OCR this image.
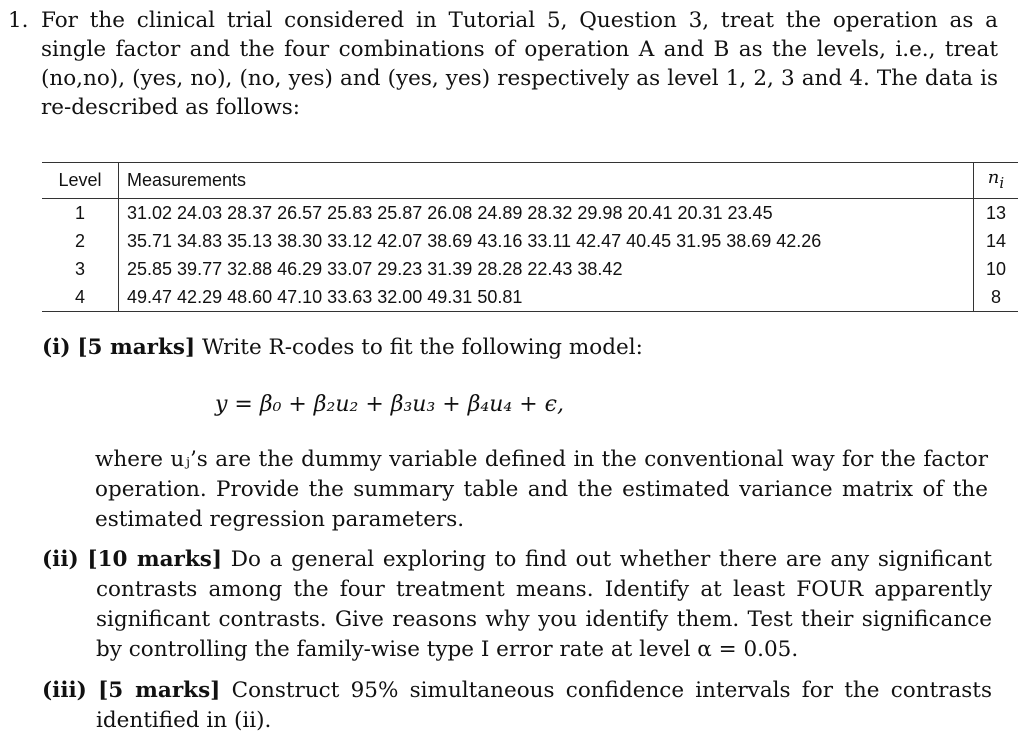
1. For the clinical trial considered in Tutorial 5, Question 3, treat the operation as a single factor and the four combinations of operation A and B as the levels, i.e., treat (no,no), (yes, no), (no, yes) and (yes, yes) respectively as level 1, 2, 3 and 4. The data is re-described as follows:
Level	Measurements	$n_i$
1	31.02 24.03 28.37 26.57 25.83 25.87 26.08 24.89 28.32 29.98 20.41 20.31 23.45	13
2	35.71 34.83 35.13 38.30 33.12 42.07 38.69 43.16 33.11 42.47 40.45 31.95 38.69 42.26	14
3	25.85 39.77 32.88 46.29 33.07 29.23 31.39 28.28 22.43 38.42	10
4	49.47 42.29 48.60 47.10 33.63 32.00 49.31 50.81	8
(i) [5 marks] Write R-codes to fit the following model:
y = β₀ + β₂u₂ + β₃u₃ + β₄u₄ + ϵ,
where uⱼ’s are the dummy variable defined in the conventional way for the factor operation. Provide the summary table and the estimated variance matrix of the estimated regression parameters.
(ii) [10 marks] Do a general exploring to find out whether there are any significant contrasts among the four treatment means. Identify at least FOUR apparently significant contrasts. Give reasons why you identify them. Test their significance by controlling the family-wise type I error rate at level α = 0.05.
(iii) [5 marks] Construct 95% simultaneous confidence intervals for the contrasts identified in (ii).
